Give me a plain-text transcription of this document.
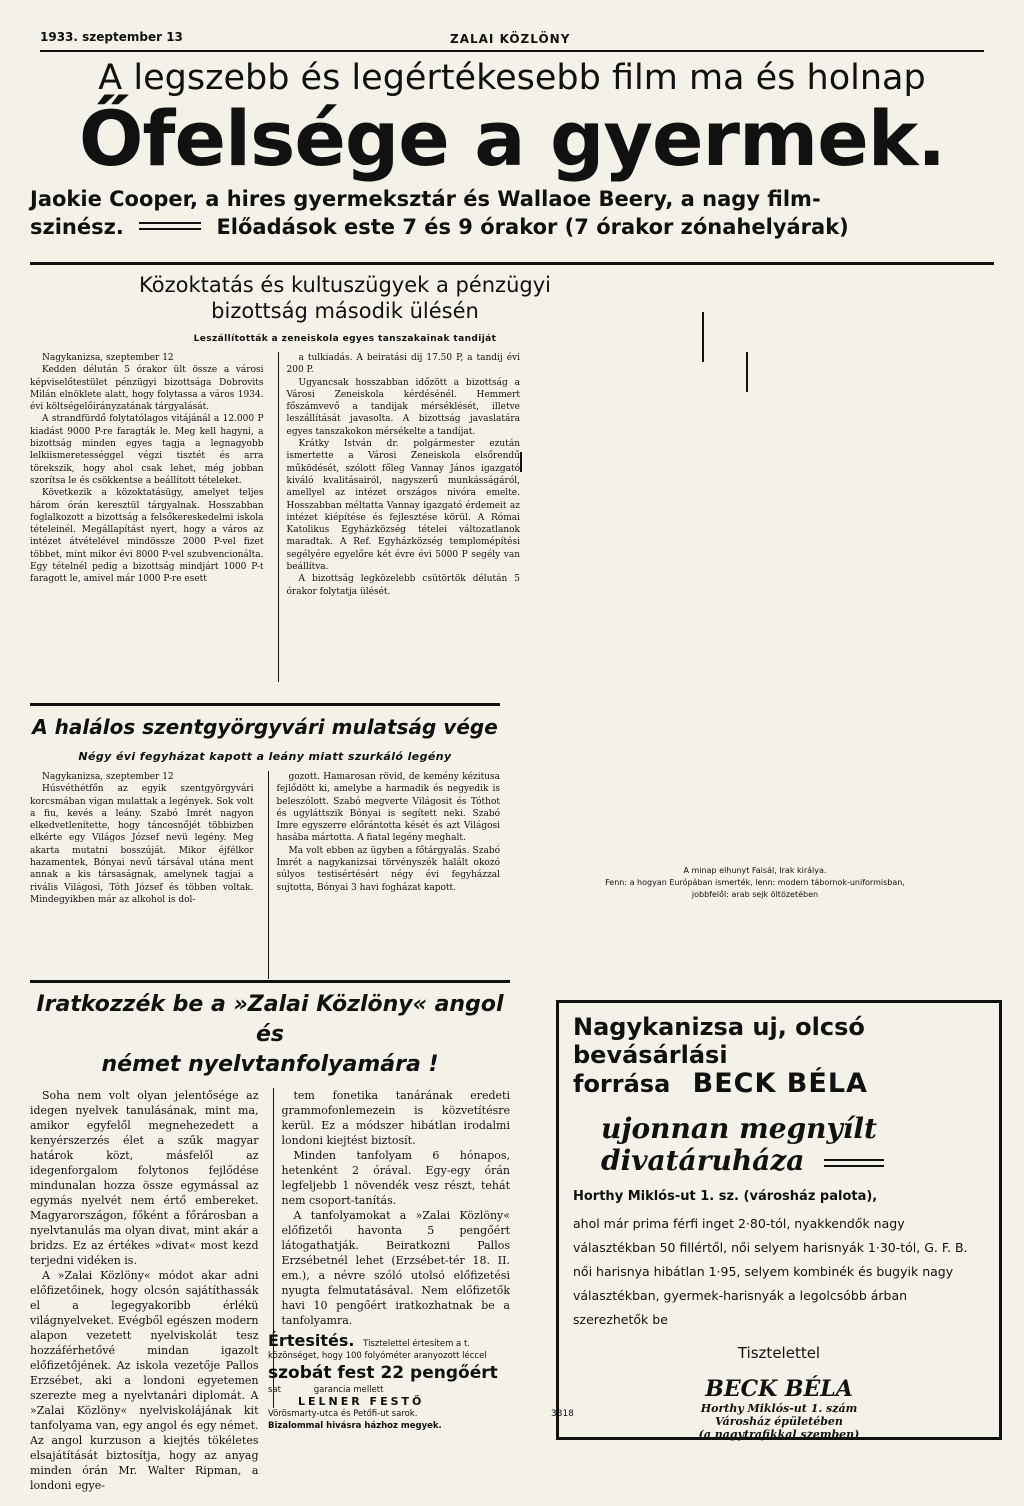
1933. szeptember 13	ZALAI KÖZLÖNY
A legszebb és legértékesebb film ma és holnap
Őfelsége a gyermek.
Jaokie Cooper, a hires gyermeksztár és Wallaoe Beery, a nagy film-
szinész.	Előadások este 7 és 9 órakor (7 órakor zónahelyárak)
Közoktatás és kultuszügyek a pénzügyi
bizottság második ülésén
Leszállították a zeneiskola egyes tanszakainak tandiját

Nagykanizsa, szeptember 12

Kedden délután 5 órakor ült össze a városi képviselőtestület pénzügyi bizottsága Dobrovits Milán elnöklete alatt, hogy folytassa a város 1934. évi költségelőirányzatának tárgyalását.

A strandfürdő folytatólagos vitájánál a 12.000 P kiadást 9000 P-re faragták le. Meg kell hagyni, a bizottság minden egyes tagja a legnagyobb lelkiismeretességgel végzi tisztét és arra törekszik, hogy ahol csak lehet, még jobban szorítsa le és csökkentse a beállított tételeket.

Következik a közoktatásügy, amelyet teljes három órán keresztül tárgyalnak. Hosszabban foglalkozott a bizottság a felsőkereskedelmi iskola tételeinél. Megállapítást nyert, hogy a város az intézet átvételével mindössze 2000 P-vel fizet többet, mint mikor évi 8000 P-vel szubvencionálta. Egy tételnél pedig a bizottság mindjárt 1000 P-t faragott le, amivel már 1000 P-re esett

a tulkiadás. A beiratási dij 17.50 P, a tandij évi 200 P.

Ugyancsak hosszabban időzött a bizottság a Városi Zeneiskola kérdésénél. Hemmert főszámvevő a tandijak mérséklését, illetve leszállítását javasolta. A bizottság javaslatára egyes tanszakokon mérsékelte a tandíjat.

Krátky István dr. polgármester ezután ismertette a Városi Zeneiskola elsőrendű működését, szólott főleg Vannay János igazgató kiváló kvalitásairól, nagyszerű munkásságáról, amellyel az intézet országos nivóra emelte. Hosszabban méltatta Vannay igazgató érdemeit az intézet kiépítése és fejlesztése körül. A Római Katolikus Egyházközség tételei változatlanok maradtak. A Ref. Egyházközség templomépítési segélyére egyelőre két évre évi 5000 P segély van beállítva.

A bizottság legközelebb csütörtök délután 5 órakor folytatja ülését.

A minap elhunyt Faisál, Irak királya.
Fenn: a hogyan Európában ismerték, lenn: modern tábornok-uniformisban,
jobbfelől: arab sejk öltözetében
A halálos szentgyörgyvári mulatság vége
Négy évi fegyházat kapott a leány miatt szurkáló legény

Nagykanizsa, szeptember 12

Húsvéthétfőn az egyik szentgyörgyvári korcsmában vigan mulattak a legények. Sok volt a fiu, kevés a leány. Szabó Imrét nagyon elkedvetlenítette, hogy táncosnőjét többizben elkérte egy Világos József nevü legény. Meg akarta mutatni bosszúját. Mikor éjfélkor hazamentek, Bónyai nevű társával utána ment annak a kis társaságnak, amelynek tagjai a rivális Világosi, Tóth József és többen voltak. Mindegyikben már az alkohol is dol-

gozott. Hamarosan rövid, de kemény kézitusa fejlődött ki, amelybe a harmadik és negyedik is beleszólott. Szabó megverte Világosit és Tóthot és ugyláttszik Bónyai is segített neki. Szabó Imre egyszerre előrántotta kését és azt Világosi hasába mártotta. A fiatal legény meghalt.

Ma volt ebben az ügyben a főtárgyalás. Szabó Imrét a nagykanizsai törvényszék halált okozó súlyos testisértésért négy évi fegyházzal sujtotta, Bónyai 3 havi fogházat kapott.

Iratkozzék be a »Zalai Közlöny« angol és
német nyelvtanfolyamára !

Soha nem volt olyan jelentősége az idegen nyelvek tanulásának, mint ma, amikor egyfelől megnehezedett a kenyérszerzés élet a szűk magyar határok közt, másfelől az idegenforgalom folytonos fejlődése mindunalan hozza össze egymással az egymás nyelvét nem értő embereket. Magyarországon, főként a főrárosban a nyelvtanulás ma olyan divat, mint akár a bridzs. Ez az értékes »divat« most kezd terjedni vidéken is.

A »Zalai Közlöny« módot akar adni előfizetőinek, hogy olcsón sajátíthassák el a legegyakoribb érlékü világnyelveket. Evégből egészen modern alapon vezetett nyelviskolát tesz hozzáférhetővé mindan igazolt előfizetőjének. Az iskola vezetője Pallos Erzsébet, aki a londoni egyetemen szerezte meg a nyelvtanári diplomát. A »Zalai Közlöny« nyelviskolájának kit tanfolyama van, egy angol és egy német. Az angol kurzuson a kiejtés tökéletes elsajátítását biztosítja, hogy az anyag minden órán Mr. Walter Ripman, a londoni egye-

tem fonetika tanárának eredeti grammofonlemezein is közvetítésre kerül. Ez a módszer hibátlan irodalmi londoni kiejtést biztosít.

Minden tanfolyam 6 hónapos, hetenként 2 órával. Egy-egy órán legfeljebb 1 növendék vesz részt, tehát nem csoport-tanítás.

A tanfolyamokat a »Zalai Közlöny« előfizetői havonta 5 pengőért látogathatják. Beiratkozni Pallos Erzsébetnél lehet (Erzsébet-tér 18. II. em.), a névre szóló utolsó előfizetési nyugta felmutatásával. Nem előfizetők havi 10 pengőért iratkozhatnak be a tanfolyamra.

Értesités. Tisztelettel értesítem a t. közönséget, hogy 100 folyóméter aranyozott léccel
szobát fest 22 pengőért
sat	garancia mellett
LELNER FESTŐ
Vörösmarty-utca és Petőfi-ut sarok.
Bizalommal hivásra házhoz megyek.
Nagykanizsa uj, olcsó bevásárlási
forrása BECK BÉLA
ujonnan megnyílt
divatáruháza
Horthy Miklós-ut 1. sz. (városház palota),
ahol már prima férfi inget 2·80-tól, nyakkendők nagy választékban 50 fillértől, női selyem harisnyák 1·30-tól, G. F. B. női harisnya hibátlan 1·95, selyem kombinék és bugyik nagy választékban, gyermek-harisnyák a legolcsóbb árban szerezhetők be
Tisztelettel
BECK BÉLA
Horthy Miklós-ut 1. szám
Városház épületében
(a nagytrafikkal szemben)
3318
